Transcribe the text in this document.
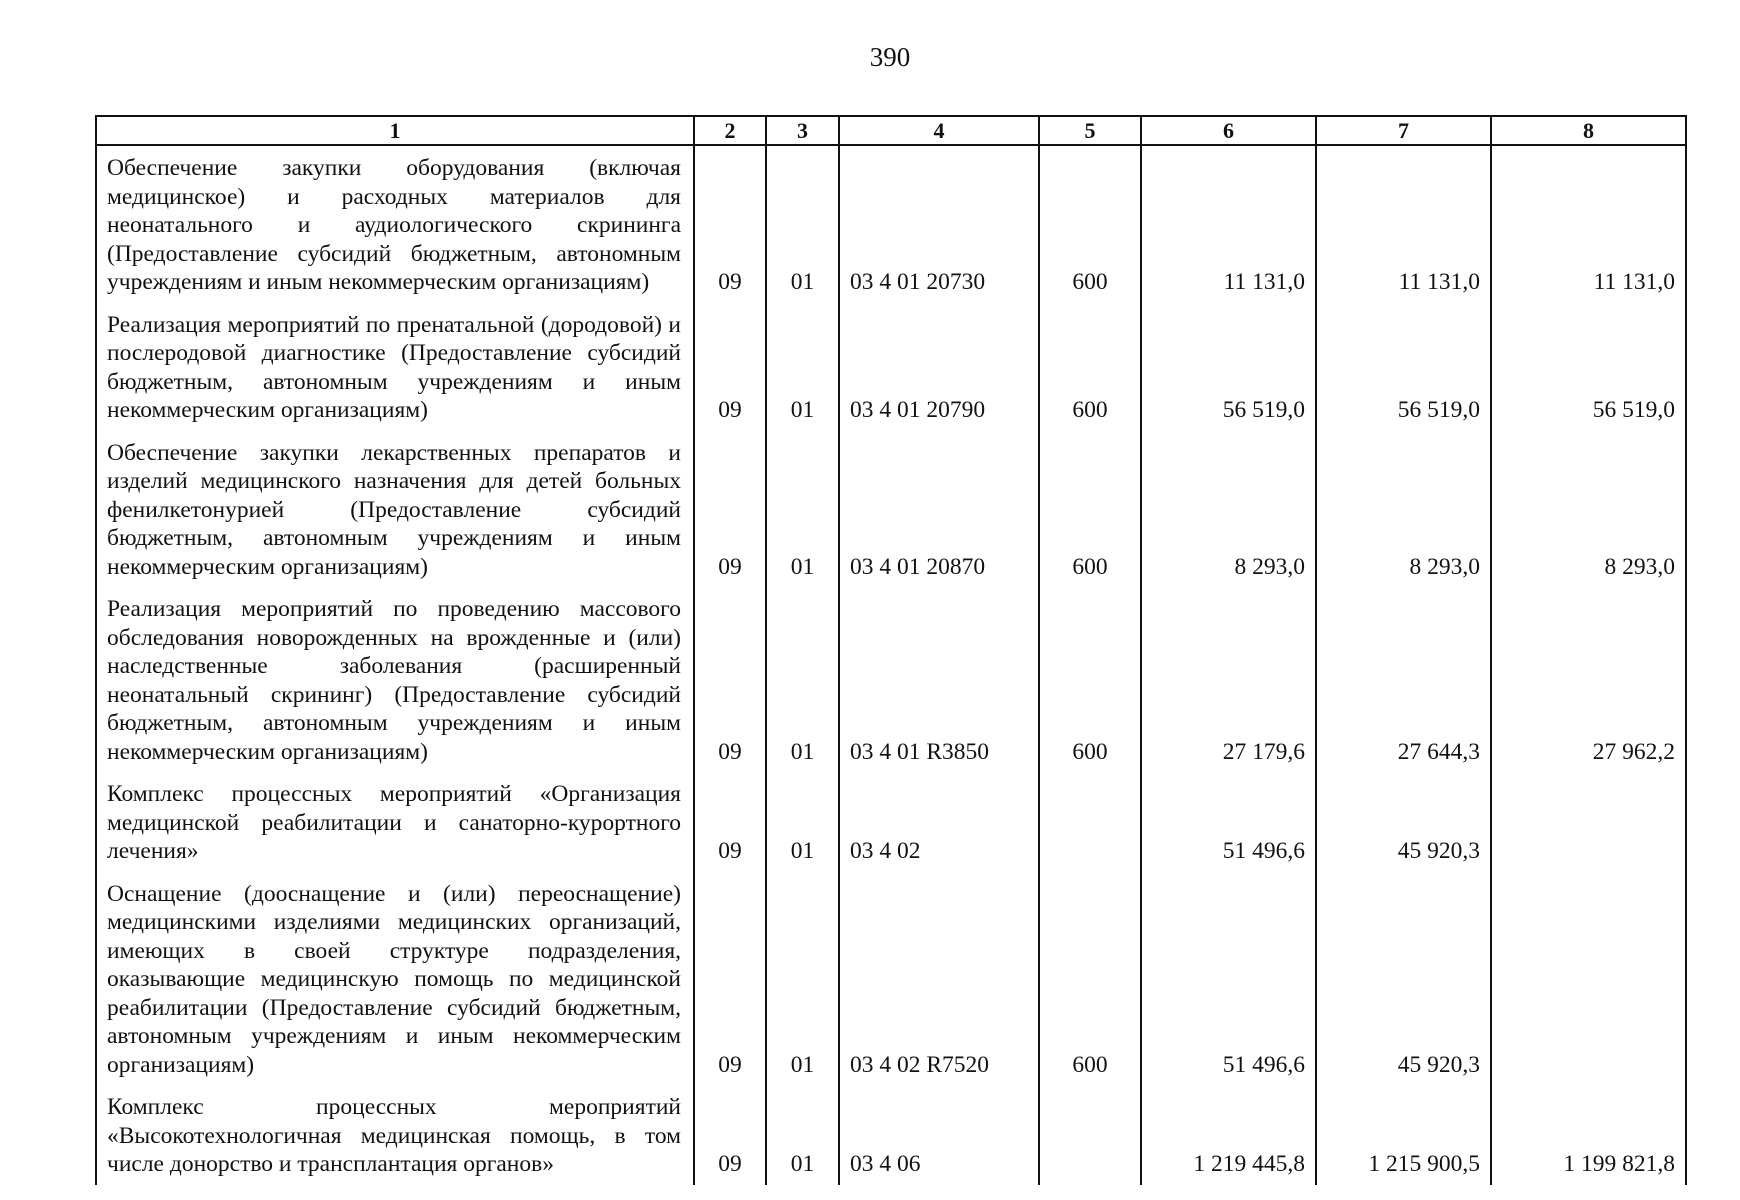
390
1	2	3	4	5	6	7	8
Обеспечение закупки оборудования (включая медицинское) и расходных материалов для неонатального и аудиологического скрининга (Предоставление субсидий бюджетным, автономным учреждениям и иным некоммерческим организациям)	09	01	03 4 01 20730	600	11 131,0	11 131,0	11 131,0
Реализация мероприятий по пренатальной (дородовой) и послеродовой диагностике (Предоставление субсидий бюджетным, автономным учреждениям и иным некоммерческим организациям)	09	01	03 4 01 20790	600	56 519,0	56 519,0	56 519,0
Обеспечение закупки лекарственных препаратов и изделий медицинского назначения для детей больных фенилкетонурией (Предоставление субсидий бюджетным, автономным учреждениям и иным некоммерческим организациям)	09	01	03 4 01 20870	600	8 293,0	8 293,0	8 293,0
Реализация мероприятий по проведению массового обследования новорожденных на врожденные и (или) наследственные заболевания (расширенный неонатальный скрининг) (Предоставление субсидий бюджетным, автономным учреждениям и иным некоммерческим организациям)	09	01	03 4 01 R3850	600	27 179,6	27 644,3	27 962,2
Комплекс процессных мероприятий «Организация медицинской реабилитации и санаторно-курортного лечения»	09	01	03 4 02		51 496,6	45 920,3	
Оснащение (дооснащение и (или) переоснащение) медицинскими изделиями медицинских организаций, имеющих в своей структуре подразделения, оказывающие медицинскую помощь по медицинской реабилитации (Предоставление субсидий бюджетным, автономным учреждениям и иным некоммерческим организациям)	09	01	03 4 02 R7520	600	51 496,6	45 920,3	
Комплекс процессных мероприятий «Высокотехнологичная медицинская помощь, в том числе донорство и трансплантация органов»	09	01	03 4 06		1 219 445,8	1 215 900,5	1 199 821,8
